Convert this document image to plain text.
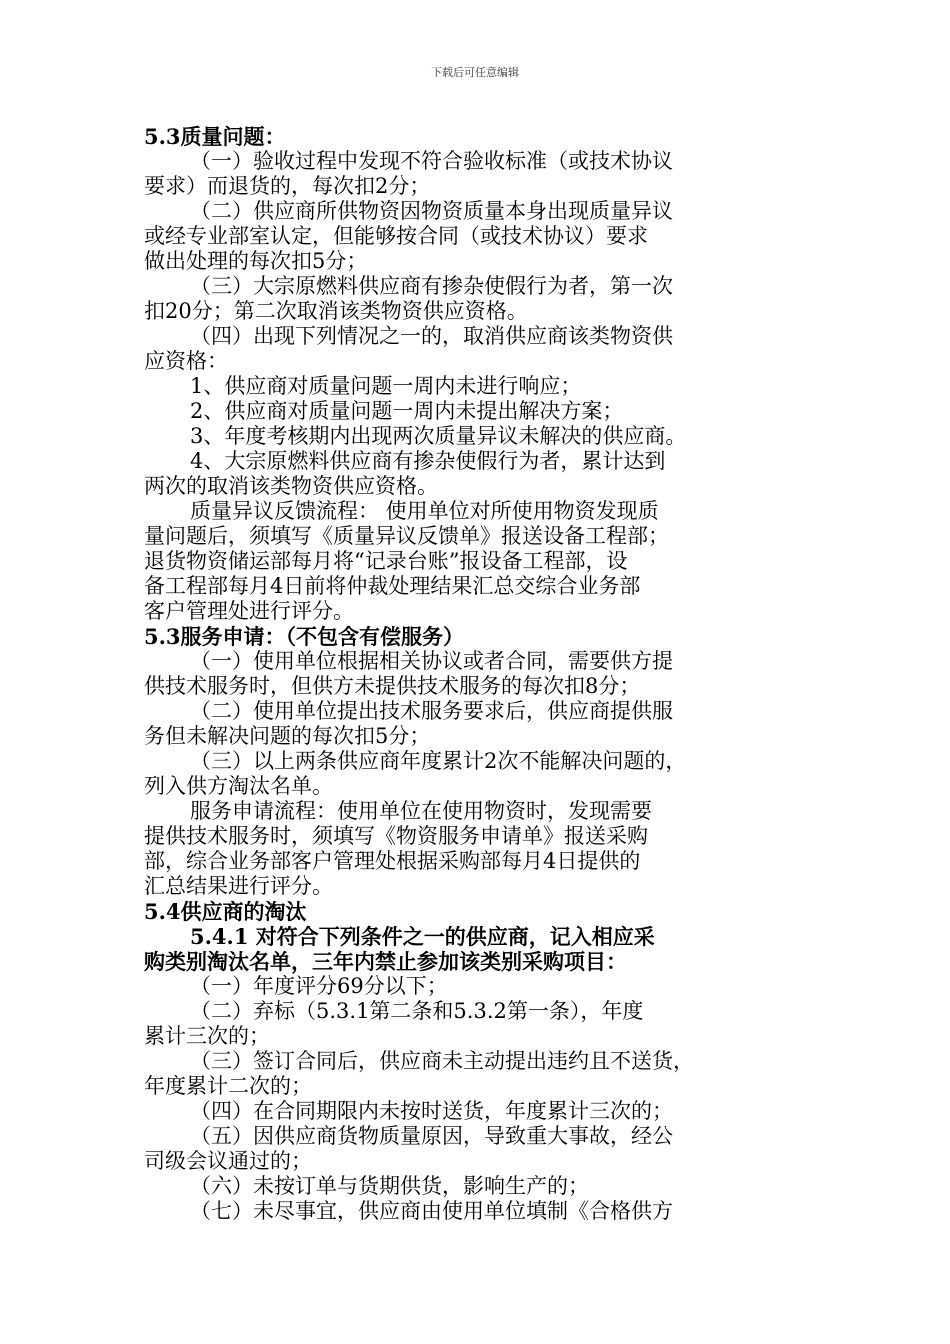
下载后可任意编辑
5.3质量问题：
（一）验收过程中发现不符合验收标准（或技术协议
要求）而退货的，每次扣2分；
（二）供应商所供物资因物资质量本身出现质量异议
或经专业部室认定，但能够按合同（或技术协议）要求
做出处理的每次扣5分；
（三）大宗原燃料供应商有掺杂使假行为者，第一次
扣20分；第二次取消该类物资供应资格。
（四）出现下列情况之一的，取消供应商该类物资供
应资格：
1、供应商对质量问题一周内未进行响应；
2、供应商对质量问题一周内未提出解决方案；
3、年度考核期内出现两次质量异议未解决的供应商。
4、大宗原燃料供应商有掺杂使假行为者，累计达到
两次的取消该类物资供应资格。
质量异议反馈流程： 使用单位对所使用物资发现质
量问题后，须填写《质量异议反馈单》报送设备工程部；
退货物资储运部每月将“记录台账”报设备工程部，设
备工程部每月4日前将仲裁处理结果汇总交综合业务部
客户管理处进行评分。
5.3服务申请：（不包含有偿服务）
（一）使用单位根据相关协议或者合同，需要供方提
供技术服务时，但供方未提供技术服务的每次扣8分；
（二）使用单位提出技术服务要求后，供应商提供服
务但未解决问题的每次扣5分；
（三）以上两条供应商年度累计2次不能解决问题的，
列入供方淘汰名单。
服务申请流程：使用单位在使用物资时，发现需要
提供技术服务时，须填写《物资服务申请单》报送采购
部，综合业务部客户管理处根据采购部每月4日提供的
汇总结果进行评分。
5.4供应商的淘汰
5.4.1 对符合下列条件之一的供应商，记入相应采
购类别淘汰名单，三年内禁止参加该类别采购项目：
（一）年度评分69分以下；
（二）弃标（5.3.1第二条和5.3.2第一条），年度
累计三次的；
（三）签订合同后，供应商未主动提出违约且不送货，
年度累计二次的；
（四）在合同期限内未按时送货，年度累计三次的；
（五）因供应商货物质量原因，导致重大事故，经公
司级会议通过的；
（六）未按订单与货期供货，影响生产的；
（七）未尽事宜，供应商由使用单位填制《合格供方
